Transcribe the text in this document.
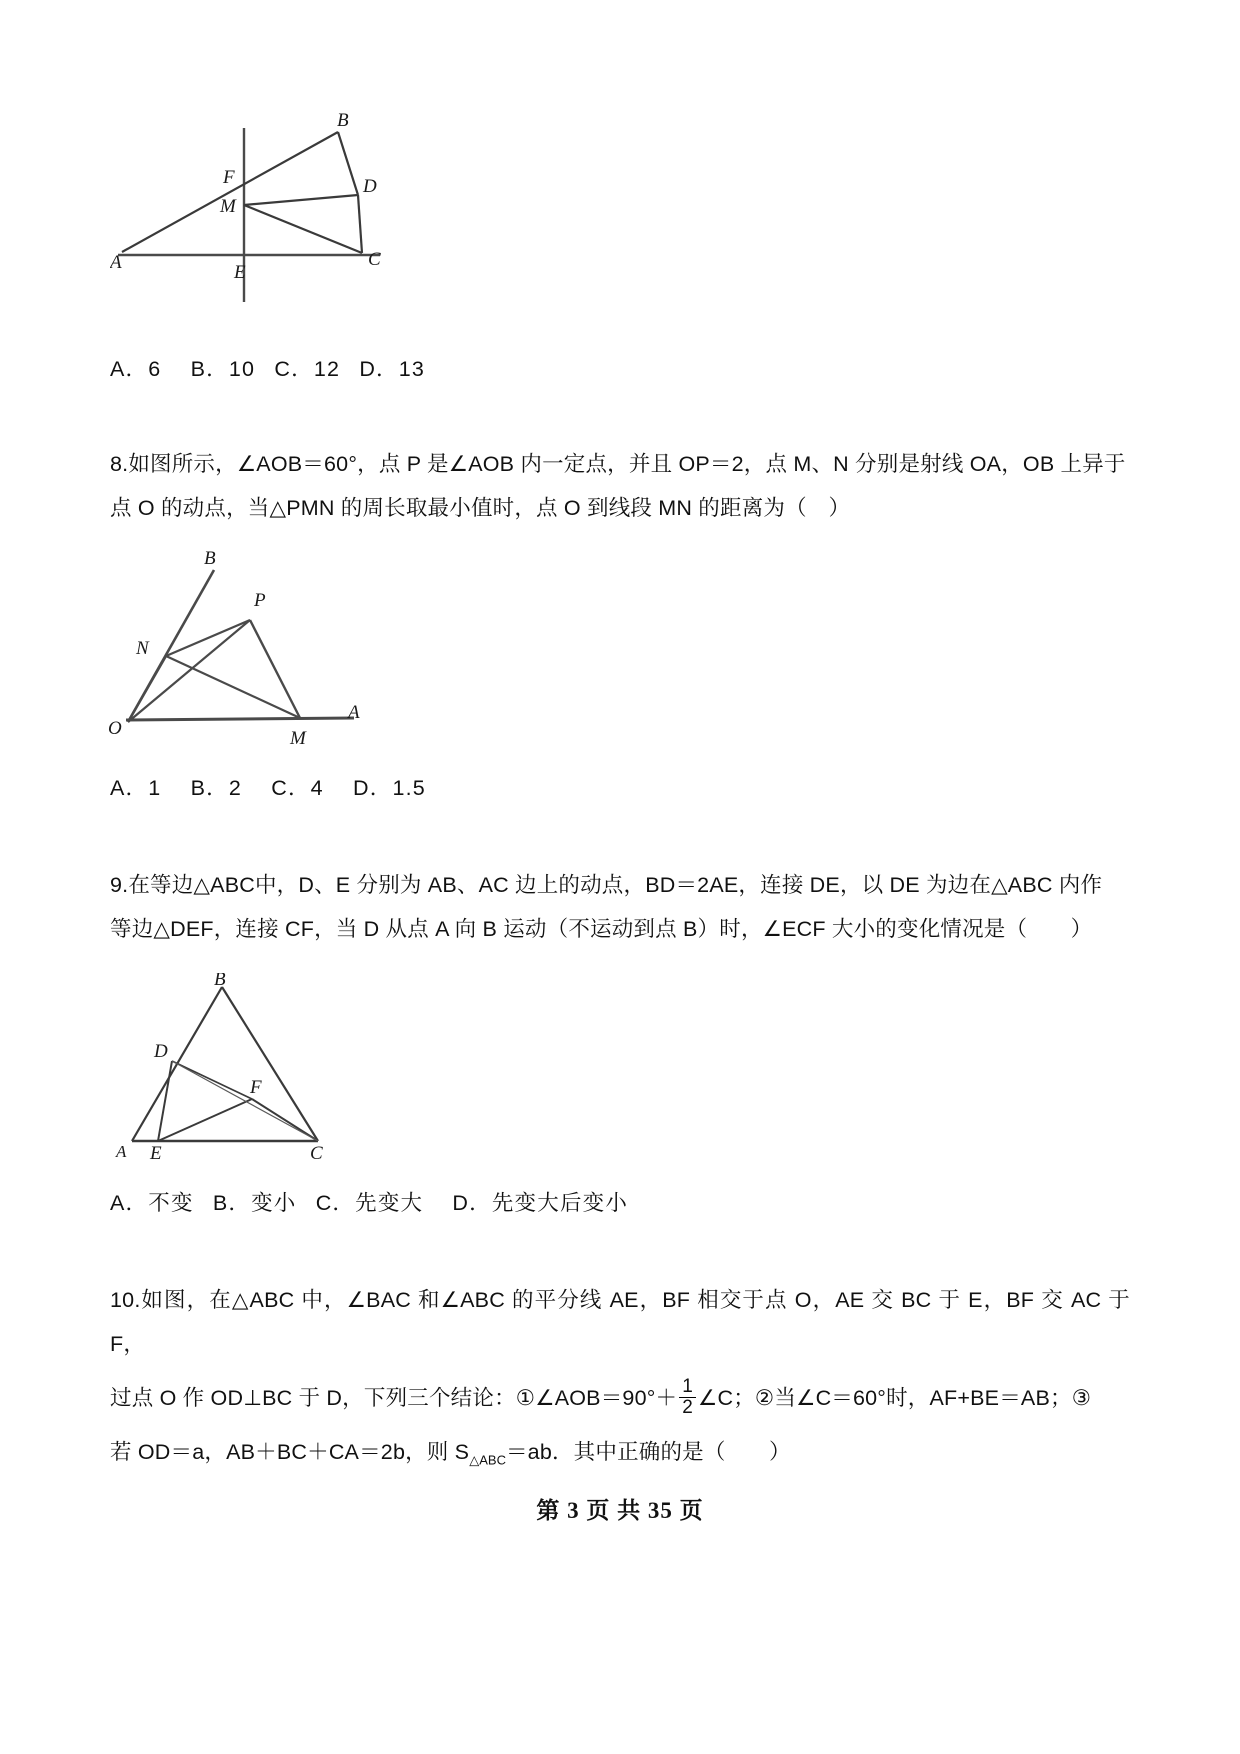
B
F	D
M
A	E
C
A．6 B．10 C．12 D．13
8.如图所示，∠AOB＝60°，点 P 是∠AOB 内一定点，并且 OP＝2，点 M、N 分别是射线 OA，OB 上异于
点 O 的动点，当△PMN 的周长取最小值时，点 O 到线段 MN 的距离为（　）
B
P
N
O	M
A
A．1 B．2 C．4 D．1.5
9.在等边△ABC中，D、E 分别为 AB、AC 边上的动点，BD＝2AE，连接 DE，以 DE 为边在△ABC 内作
等边△DEF，连接 CF，当 D 从点 A 向 B 运动（不运动到点 B）时，∠ECF 大小的变化情况是（　　）
B
D
F
A E	C
A．不变 B．变小 C．先变大 D．先变大后变小
10.如图，在△ABC 中，∠BAC 和∠ABC 的平分线 AE，BF 相交于点 O，AE 交 BC 于 E，BF 交 AC 于 F，
过点 O 作 OD⊥BC 于 D，下列三个结论：①∠AOB＝90°＋ $\frac{1}{2}$ ∠C；②当∠C＝60°时，AF+BE＝AB；③
若 OD＝a，AB＋BC＋CA＝2b，则 $S_{\triangle ABC}=ab$．其中正确的是（　　）
第 3 页 共 35 页
